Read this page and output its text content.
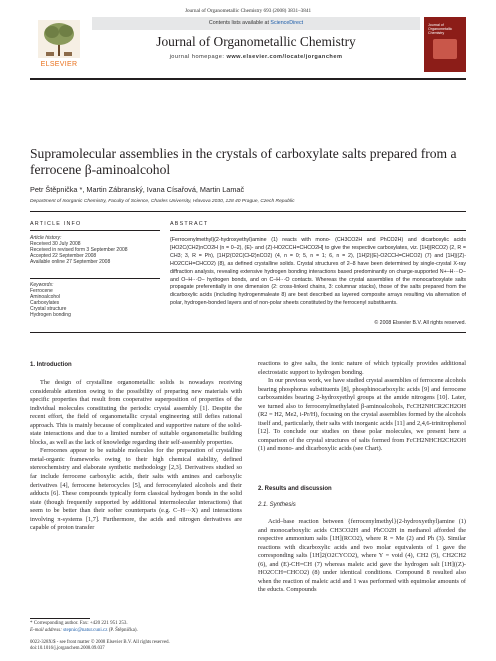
Journal of Organometallic Chemistry 693 (2008) 3831–3841
ELSEVIER
Contents lists available at ScienceDirect
Journal of Organometallic Chemistry
journal homepage: www.elsevier.com/locate/jorganchem
Journal of Organometallic Chemistry
Supramolecular assemblies in the crystals of carboxylate salts prepared from a
ferrocene β-aminoalcohol
Petr Štěpnička *, Martin Zábranský, Ivana Císařová, Martin Lamač
Department of Inorganic Chemistry, Faculty of Science, Charles University, Hlavova 2030, 128 40 Prague, Czech Republic
ARTICLE INFO
Article history:
Received 30 July 2008
Received in revised form 3 September 2008
Accepted 22 September 2008
Available online 27 September 2008
Keywords:
Ferrocene
Aminoalcohol
Carboxylates
Crystal structure
Hydrogen bonding
ABSTRACT
{Ferrocenylmethyl}(2-hydroxyethyl)amine (1) reacts with mono- (CH3CO2H and PhCO2H) and dicarboxylic acids [HO2C(CH2)nCO2H (n = 0–2), (E)- and (Z)-HO2CCH=CHCO2H] to give the respective carboxylates, viz. [1H](RCO2) (2, R = CH3; 3, R = Ph), [1H]2(O2C(CH2)nCO2) (4, n = 0; 5, n = 1; 6, n = 2), [1H]2((E)-O2CCH=CHCO2) (7) and [1H]((Z)-HO2CCH=CHCO2) (8), as defined crystalline solids. Crystal structures of 2–8 have been determined by single-crystal X-ray diffraction analysis, revealing extensive hydrogen bonding interactions based predominantly on charge-supported N+–H···O− and O–H···O− hydrogen bonds, and on C–H···O contacts. Whereas the crystal assemblies of the monocarboxylate salts propagate preferentially in one dimension (2: cross-linked chains, 3: columnar stacks), those of the salts prepared from the dicarboxylic acids (including hydrogenmaleate 8) are best described as layered composite arrays resulting via alternation of polar, hydrogen-bonded layers and of non-polar sheets constituted by the ferrocenyl substituents.
© 2008 Elsevier B.V. All rights reserved.
1. Introduction

The design of crystalline organometallic solids is nowadays receiving considerable attention owing to the possibility of preparing new materials with specific properties that result from cooperative superposition of properties of the individual molecules constituting the periodic crystal assembly [1]. Despite the recent effort, the field of organometallic crystal engineering still defies rational approach. This is mainly because of complicated and supportive nature of the solid-state interactions and due to a limited number of suitable organometallic building blocks, as well as the lack of knowledge regarding their self-assembly properties.

Ferrocenes appear to be suitable molecules for the preparation of crystalline metal-organic frameworks owing to their high chemical stability, defined stereochemistry and elaborate synthetic methodology [2,3]. Derivatives studied so far include ferrocene carboxylic acids, their salts with amines and carboxylic derivatives [4], ferrocene heterocycles [5], and ferrocenylated alcohols and their adducts [6]. These compounds typically form classical hydrogen bonds in the solid state (though frequently supported by additional intermolecular interactions) that seem to be better than their softer counterparts (e.g. C–H···X) and interactions involving π-systems [1,7]. Furthermore, the acids and nitrogen derivatives are capable of proton transfer

* Corresponding author. Fax: +420 221 951 253.
E-mail address: stepnic@natur.cuni.cz (P. Štěpnička).
0022-328X/$ - see front matter © 2008 Elsevier B.V. All rights reserved.
doi:10.1016/j.jorganchem.2008.09.037

reactions to give salts, the ionic nature of which typically provides additional electrostatic support to hydrogen bonding.

In our previous work, we have studied crystal assemblies of ferrocene alcohols bearing phosphorus substituents [8], phosphinocarboxylic acids [9] and ferrocene carboxamides bearing 2-hydroxyethyl groups at the amide nitrogens [10]. Later, we turned also to ferrocenylmethylated β-aminoalcohols, FcCH2NHCR2CH2OH (R2 = H2, Me2, i-Pr/H), focusing on the crystal assemblies formed by the alcohols itself and, particularly, their salts with inorganic acids [11] and 2,4,6-trinitrophenol [12]. To conclude our studies on these polar molecules, we present here a comparison of the crystal structures of salts formed from FcCH2NHCH2CH2OH (1) and mono- and dicarboxylic acids (see Chart).

2. Results and discussion
2.1. Synthesis

Acid–base reaction between {ferrocenylmethyl}(2-hydroxyethyl)amine (1) and monocarboxylic acids CH3CO2H and PhCO2H in methanol afforded the respective ammonium salts [1H](RCO2), where R = Me (2) and Ph (3). Similar reactions with dicarboxylic acids and two molar equivalents of 1 gave the corresponding salts [1H]2(O2CYCO2), where Y = void (4), CH2 (5), CH2CH2 (6), and (E)-CH=CH (7) whereas maleic acid gave the hydrogen salt [1H]((Z)-HO2CCH=CHCO2) (8) under identical conditions. Compound 8 resulted also when the reaction of maleic acid and 1 was performed with equimolar amounts of the educts. Compounds
